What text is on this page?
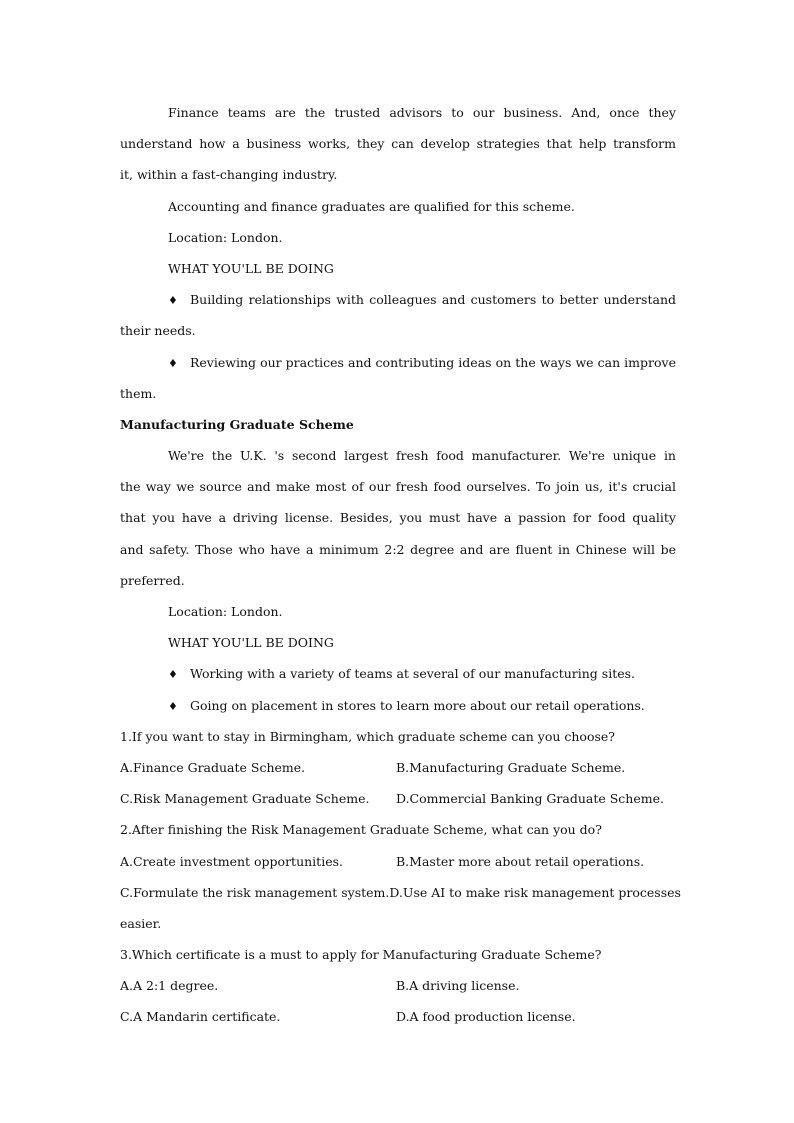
Finance teams are the trusted advisors to our business. And, once they
understand how a business works, they can develop strategies that help transform
it, within a fast-changing industry.
Accounting and finance graduates are qualified for this scheme.
Location: London.
WHAT YOU'LL BE DOING
♦ Building relationships with colleagues and customers to better understand
their needs.
♦ Reviewing our practices and contributing ideas on the ways we can improve
them.
Manufacturing Graduate Scheme
We're the U.K. 's second largest fresh food manufacturer. We're unique in
the way we source and make most of our fresh food ourselves. To join us, it's crucial
that you have a driving license. Besides, you must have a passion for food quality
and safety. Those who have a minimum 2:2 degree and are fluent in Chinese will be
preferred.
Location: London.
WHAT YOU'LL BE DOING
♦ Working with a variety of teams at several of our manufacturing sites.
♦ Going on placement in stores to learn more about our retail operations.
1.If you want to stay in Birmingham, which graduate scheme can you choose?
A.Finance Graduate Scheme.	B.Manufacturing Graduate Scheme.
C.Risk Management Graduate Scheme. D.Commercial Banking Graduate Scheme.
2.After finishing the Risk Management Graduate Scheme, what can you do?
A.Create investment opportunities.	B.Master more about retail operations.
C.Formulate the risk management system.D.Use AI to make risk management processes
easier.
3.Which certificate is a must to apply for Manufacturing Graduate Scheme?
A.A 2:1 degree.	B.A driving license.
C.A Mandarin certificate.	D.A food production license.
